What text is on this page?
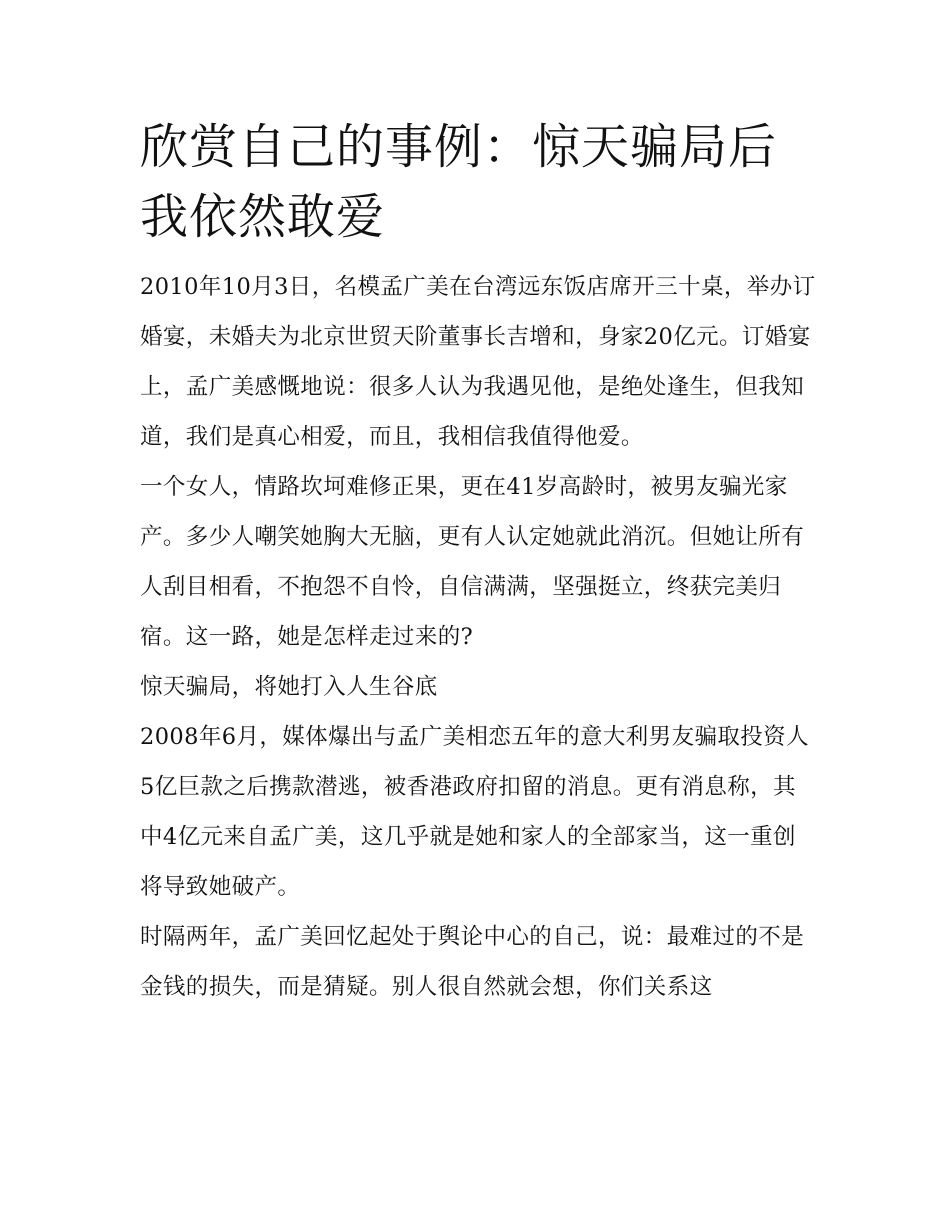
欣赏自己的事例：惊天骗局后我依然敢爱

2010年10月3日，名模孟广美在台湾远东饭店席开三十桌，举办订婚宴，未婚夫为北京世贸天阶董事长吉增和，身家20亿元。订婚宴上，孟广美感慨地说：很多人认为我遇见他，是绝处逢生，但我知道，我们是真心相爱，而且，我相信我值得他爱。

一个女人，情路坎坷难修正果，更在41岁高龄时，被男友骗光家产。多少人嘲笑她胸大无脑，更有人认定她就此消沉。但她让所有人刮目相看，不抱怨不自怜，自信满满，坚强挺立，终获完美归宿。这一路，她是怎样走过来的?

惊天骗局，将她打入人生谷底

2008年6月，媒体爆出与孟广美相恋五年的意大利男友骗取投资人5亿巨款之后携款潜逃，被香港政府扣留的消息。更有消息称，其中4亿元来自孟广美，这几乎就是她和家人的全部家当，这一重创将导致她破产。

时隔两年，孟广美回忆起处于舆论中心的自己，说：最难过的不是金钱的损失，而是猜疑。别人很自然就会想，你们关系这
